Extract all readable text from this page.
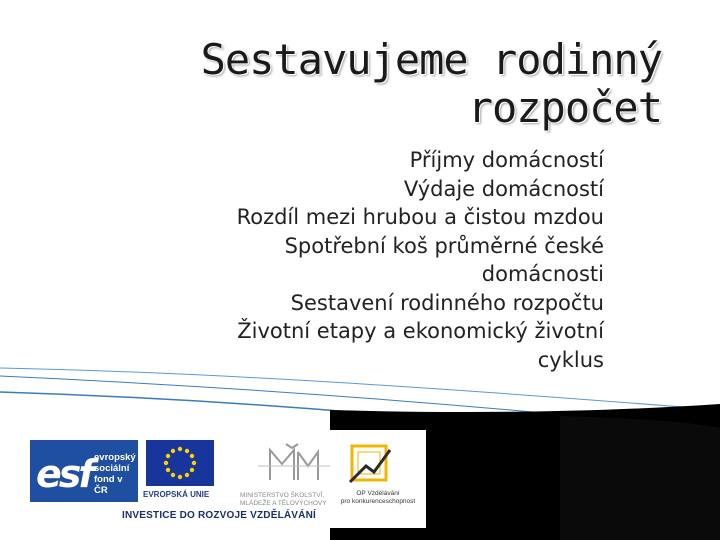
Sestavujeme rodinný
rozpočet
Příjmy domácností
Výdaje domácností
Rozdíl mezi hrubou a čistou mzdou
Spotřební koš průměrné české
domácnosti
Sestavení rodinného rozpočtu
Životní etapy a ekonomický životní
cyklus
esf evropský
sociální
fond v ČR	EVROPSKÁ UNIE	MINISTERSTVO ŠKOLSTVÍ,
MLÁDEŽE A TĚLOVÝCHOVY
OP Vzdělávání
pro konkurenceschopnost
INVESTICE DO ROZVOJE VZDĚLÁVÁNÍ
